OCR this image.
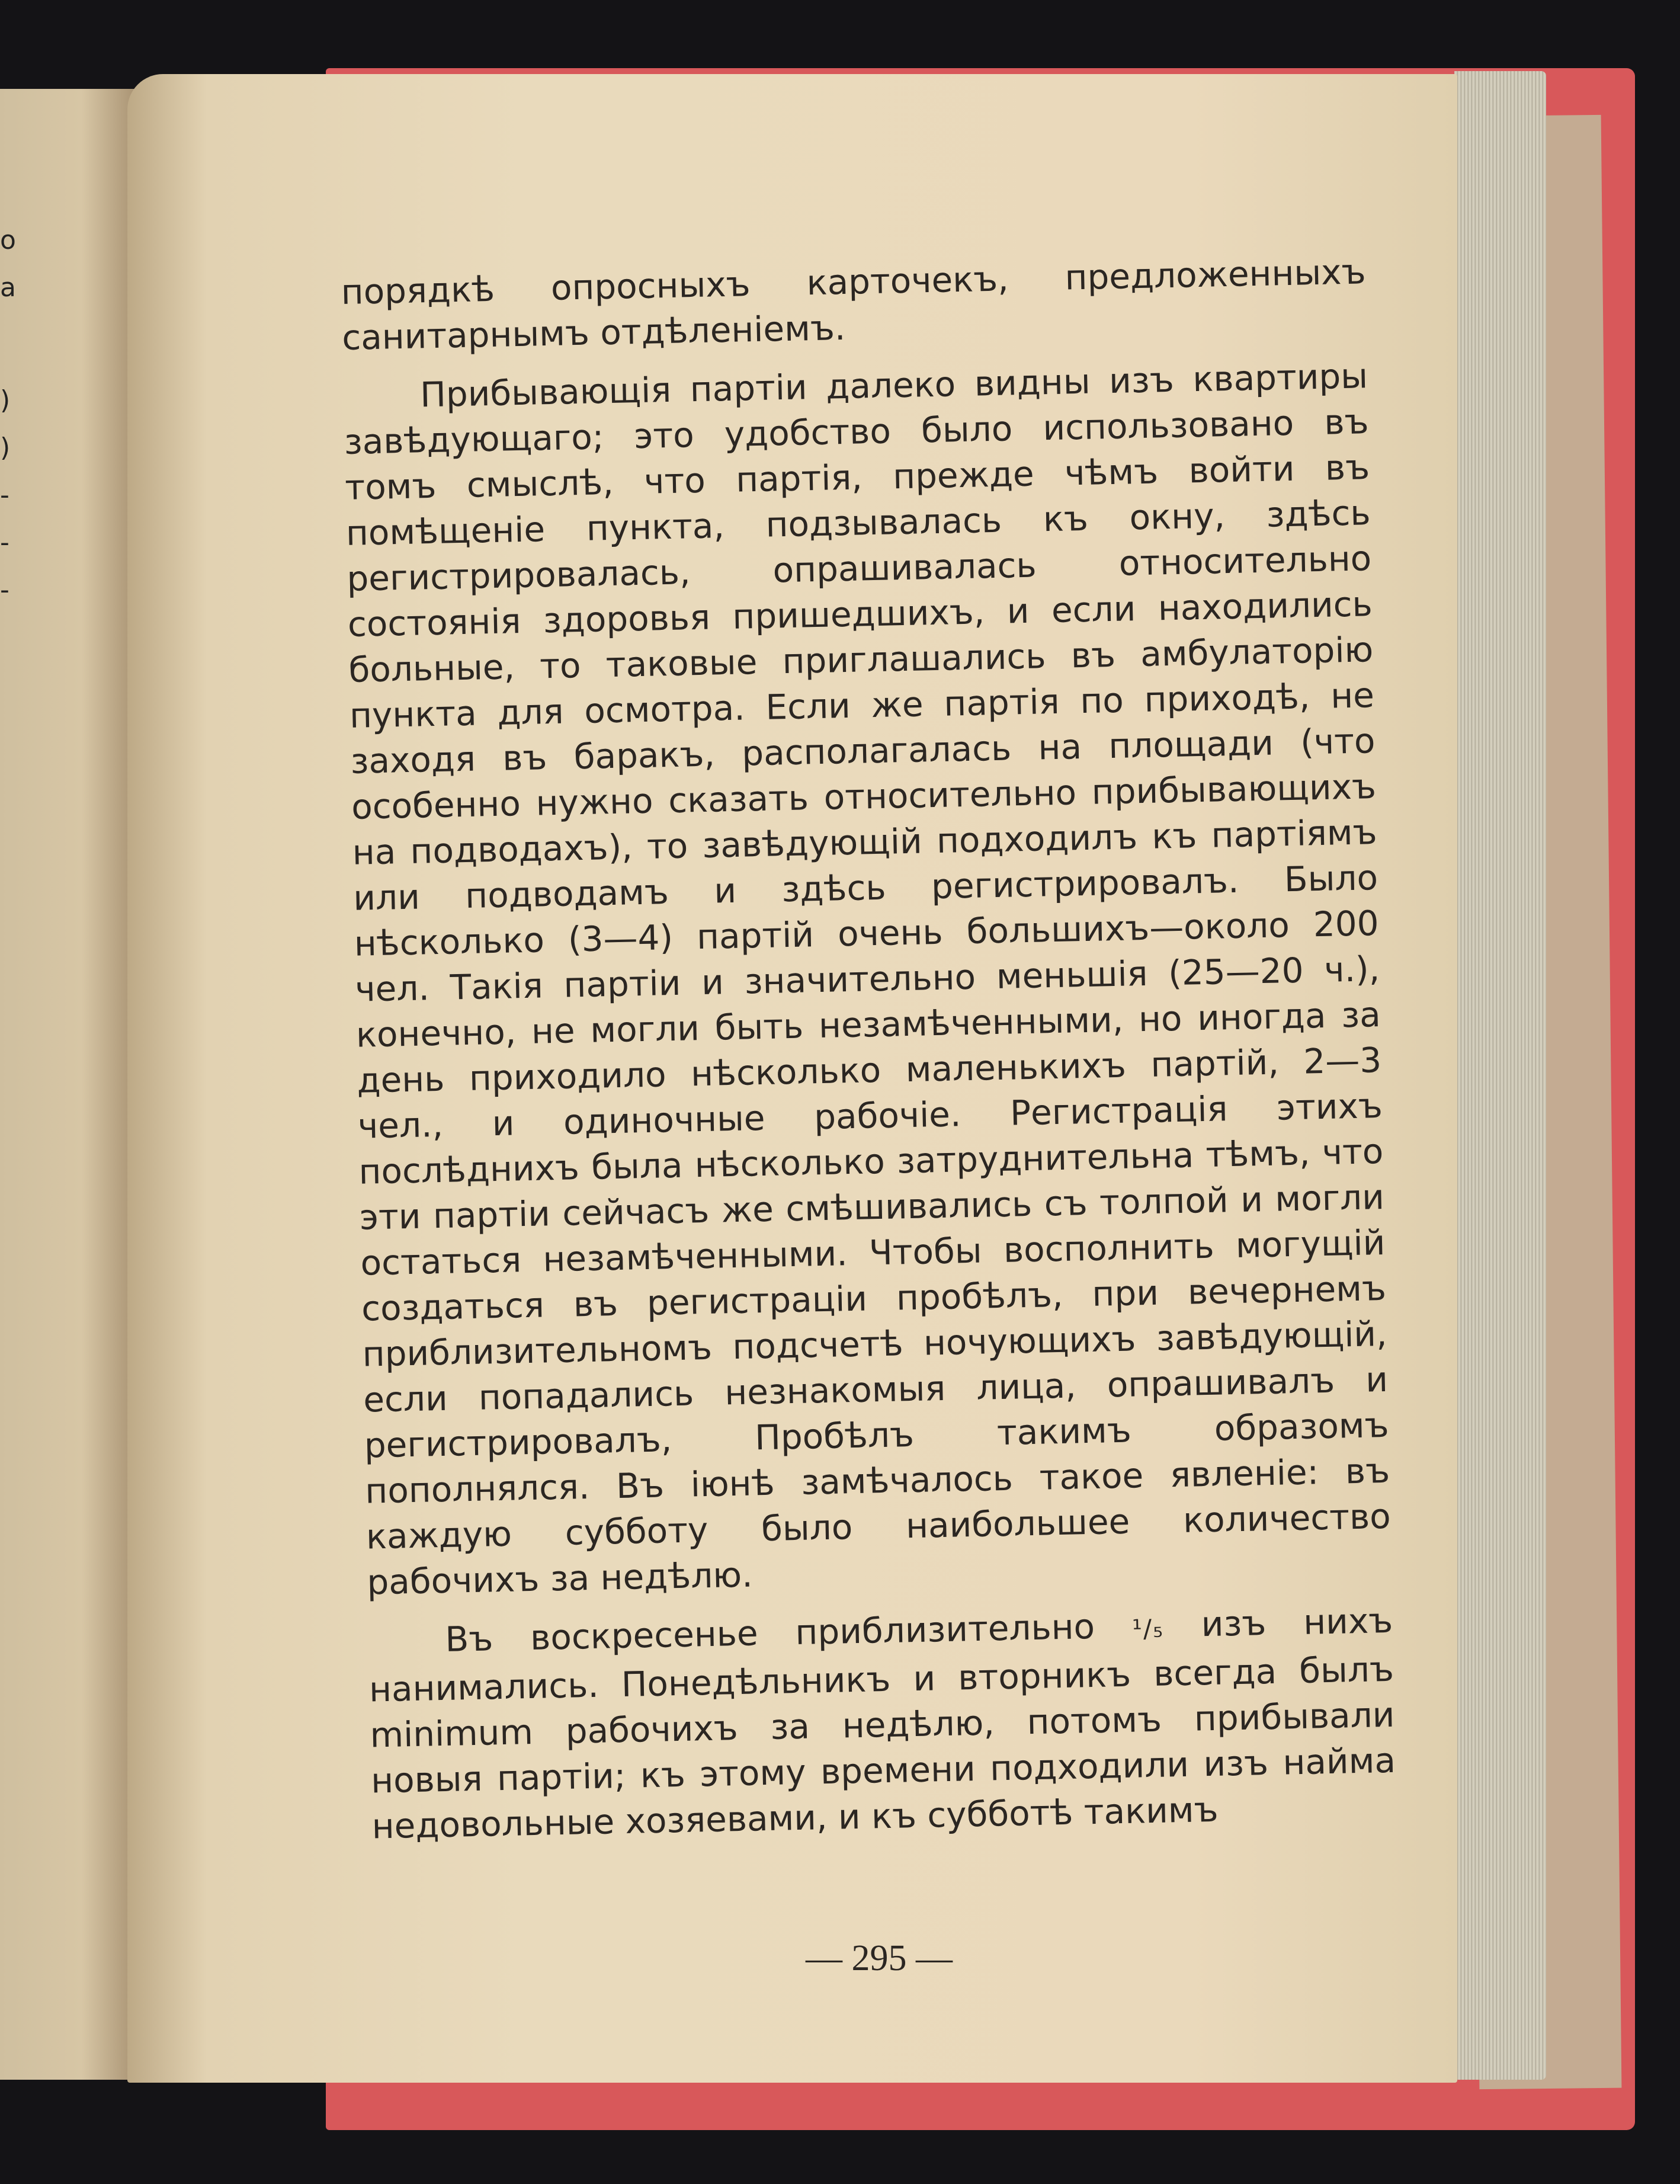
о
а
)
)
-
-
-

порядкѣ опросныхъ карточекъ, предложенныхъ санитарнымъ отдѣленіемъ.

Прибывающія партіи далеко видны изъ квартиры завѣдующаго; это удобство было использовано въ томъ смыслѣ, что партія, прежде чѣмъ войти въ помѣщеніе пункта, подзывалась къ окну, здѣсь регистрировалась, опрашивалась относительно состоянія здоровья пришедшихъ, и если находились больные, то таковые приглашались въ амбулаторію пункта для осмотра. Если же партія по приходѣ, не заходя въ баракъ, располагалась на площади (что особенно нужно сказать относительно прибывающихъ на подводахъ), то завѣдующій подходилъ къ партіямъ или подводамъ и здѣсь регистрировалъ. Было нѣсколько (3—4) партій очень большихъ—около 200 чел. Такія партіи и значительно меньшія (25—20 ч.), конечно, не могли быть незамѣченными, но иногда за день приходило нѣсколько маленькихъ партій, 2—3 чел., и одиночные рабочіе. Регистрація этихъ послѣднихъ была нѣсколько затруднительна тѣмъ, что эти партіи сейчасъ же смѣшивались съ толпой и могли остаться незамѣченными. Чтобы восполнить могущій создаться въ регистраціи пробѣлъ, при вечернемъ приблизительномъ подсчетѣ ночующихъ завѣдующій, если попадались незнакомыя лица, опрашивалъ и регистрировалъ, Пробѣлъ такимъ образомъ пополнялся. Въ іюнѣ замѣчалось такое явленіе: въ каждую субботу было наибольшее количество рабочихъ за недѣлю.

Въ воскресенье приблизительно ¹/₅ изъ нихъ нанимались. Понедѣльникъ и вторникъ всегда былъ minimum рабочихъ за недѣлю, потомъ прибывали новыя партіи; къ этому времени подходили изъ найма недовольные хозяевами, и къ субботѣ такимъ

— 295 —
